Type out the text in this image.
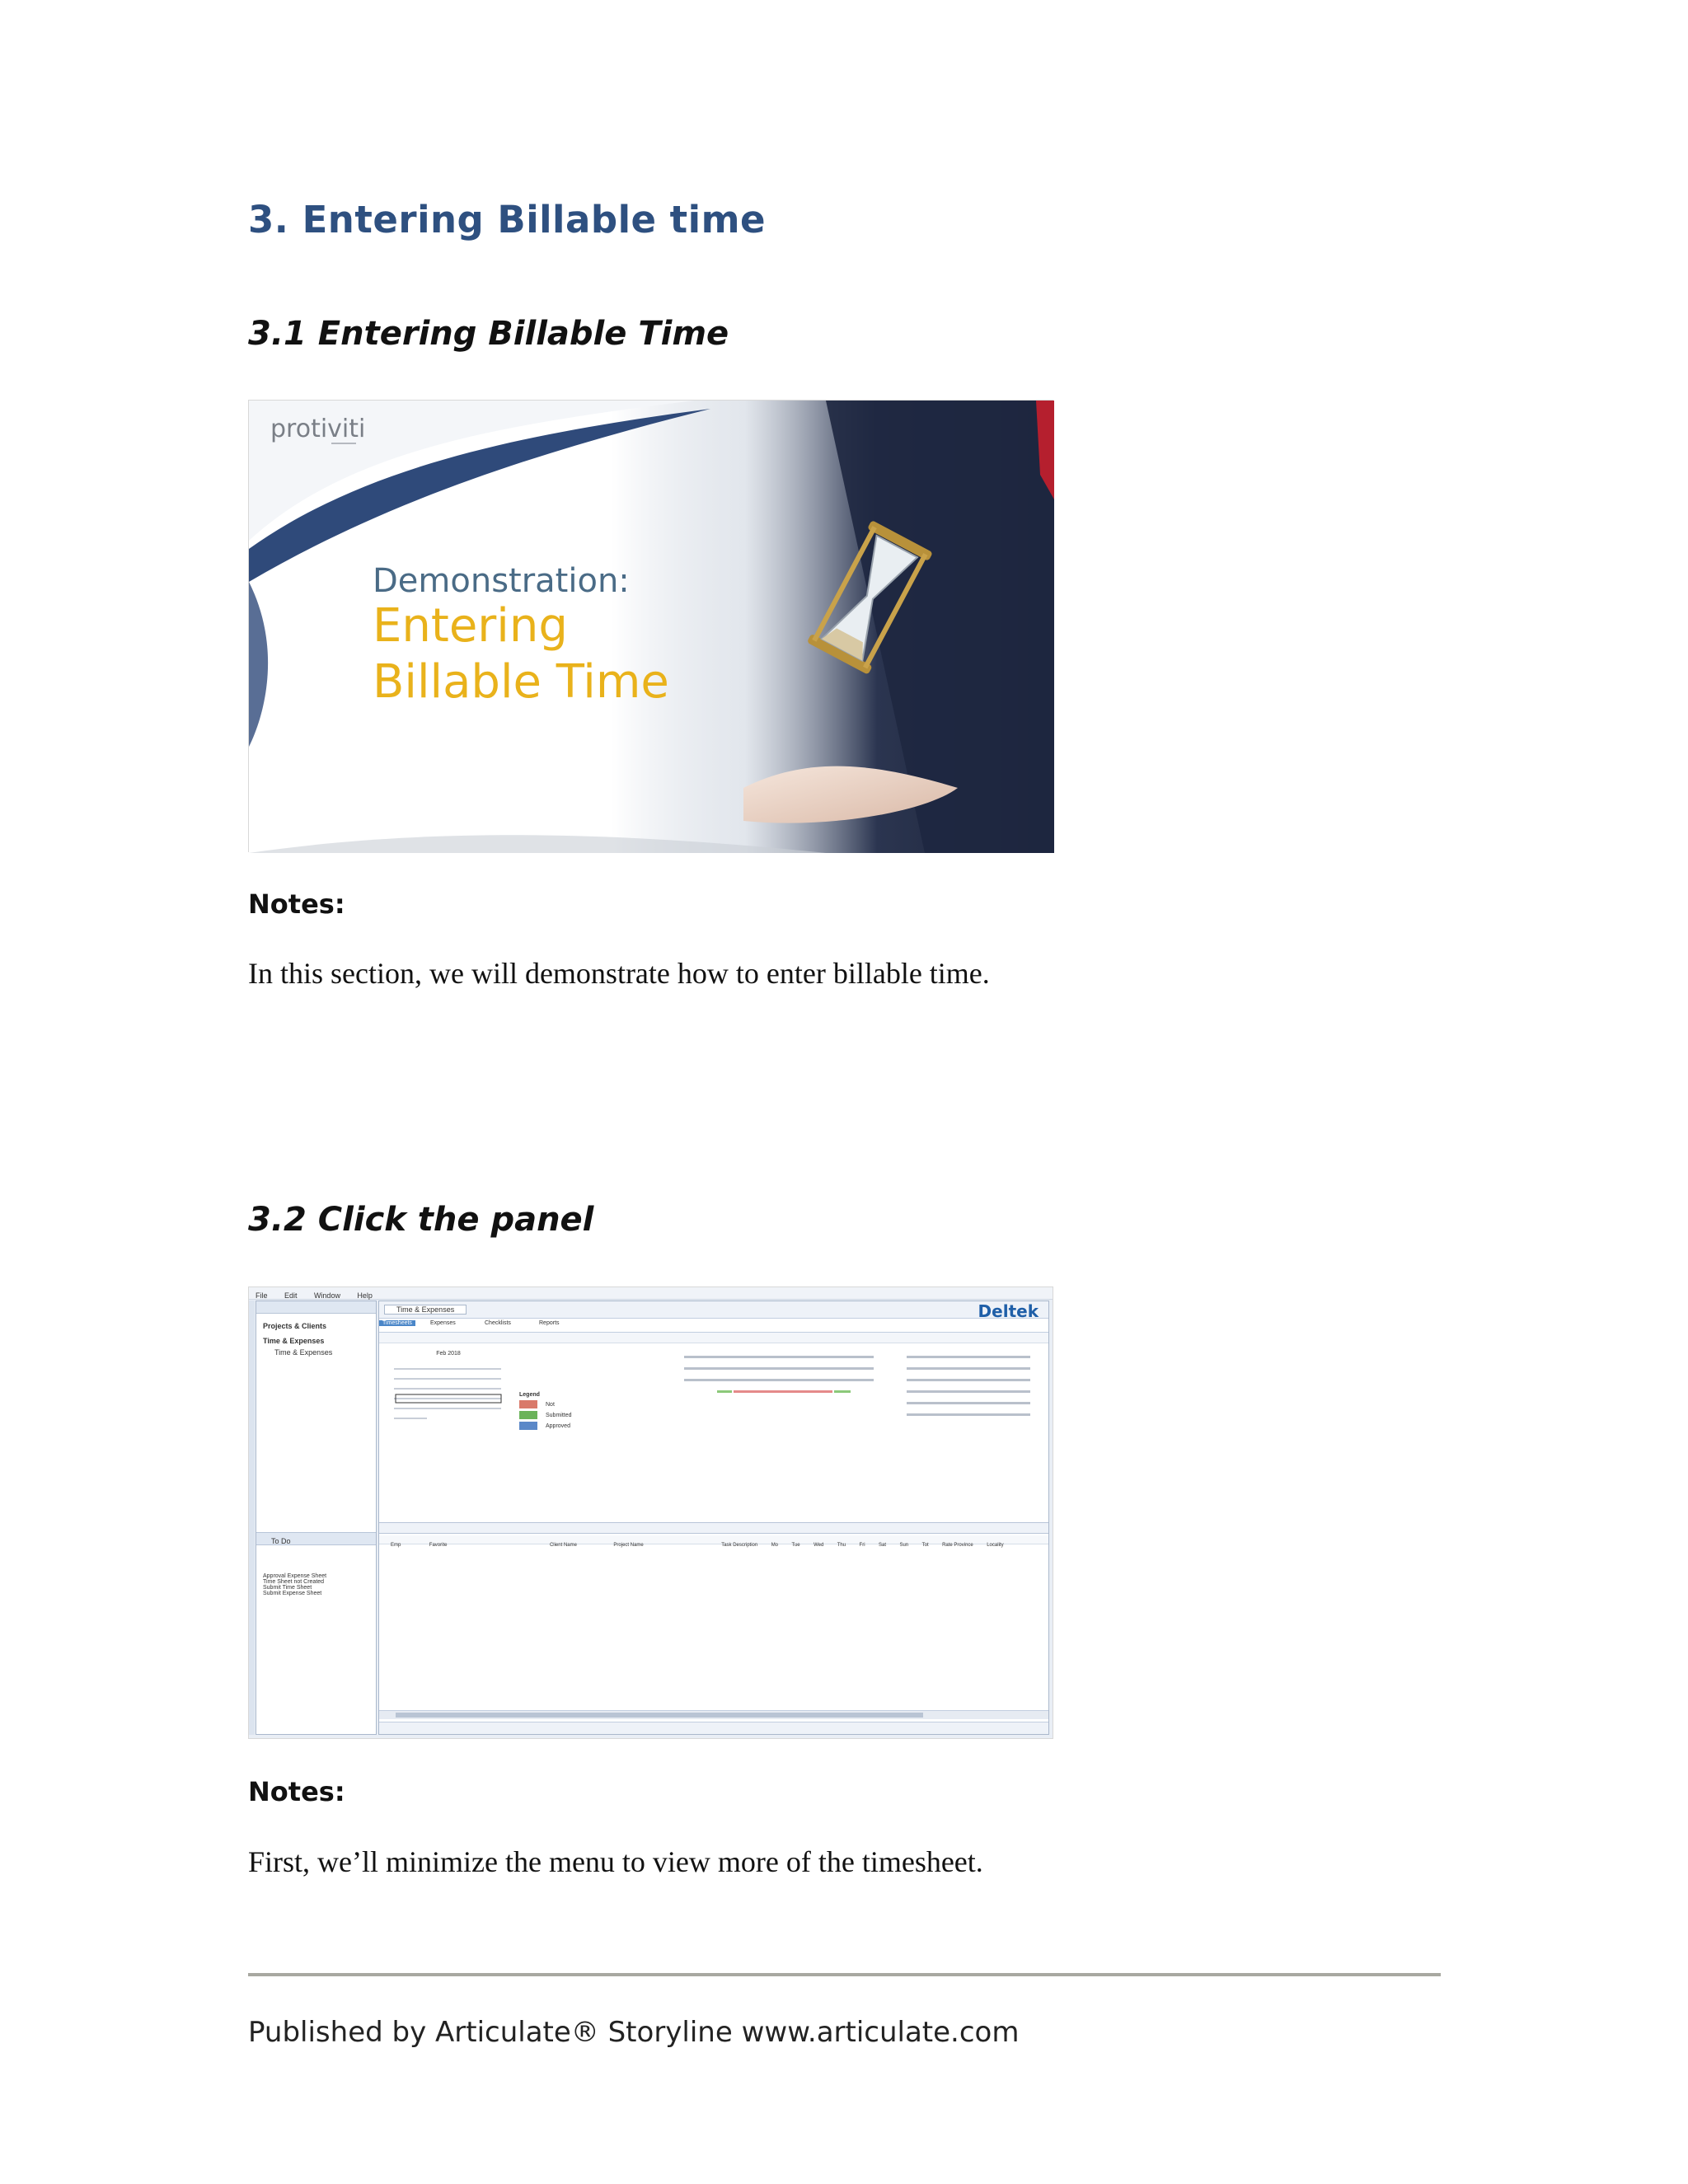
3. Entering Billable time
3.1 Entering Billable Time
protiviti
Demonstration:
Entering
Billable Time

Notes:

In this section, we will demonstrate how to enter billable time.

3.2 Click the panel
File Edit Window Help
Projects & Clients
Time & Expenses
Time & Expenses
To Do
Approval Expense Sheet
Time Sheet not Created
Submit Time Sheet
Submit Expense Sheet
Time & Expenses	Deltek
Timesheets	Expenses	Checklists	Reports
Feb 2018
Legend
Not
Submitted
Approved
Emp	Favorite	Client Name	Project Name	Task Description	Mo	Tue	Wed	Thu	Fri	Sat	Sun	Tot	Rate Province	Locality

Notes:

First, we’ll minimize the menu to view more of the timesheet.

Published by Articulate® Storyline www.articulate.com
